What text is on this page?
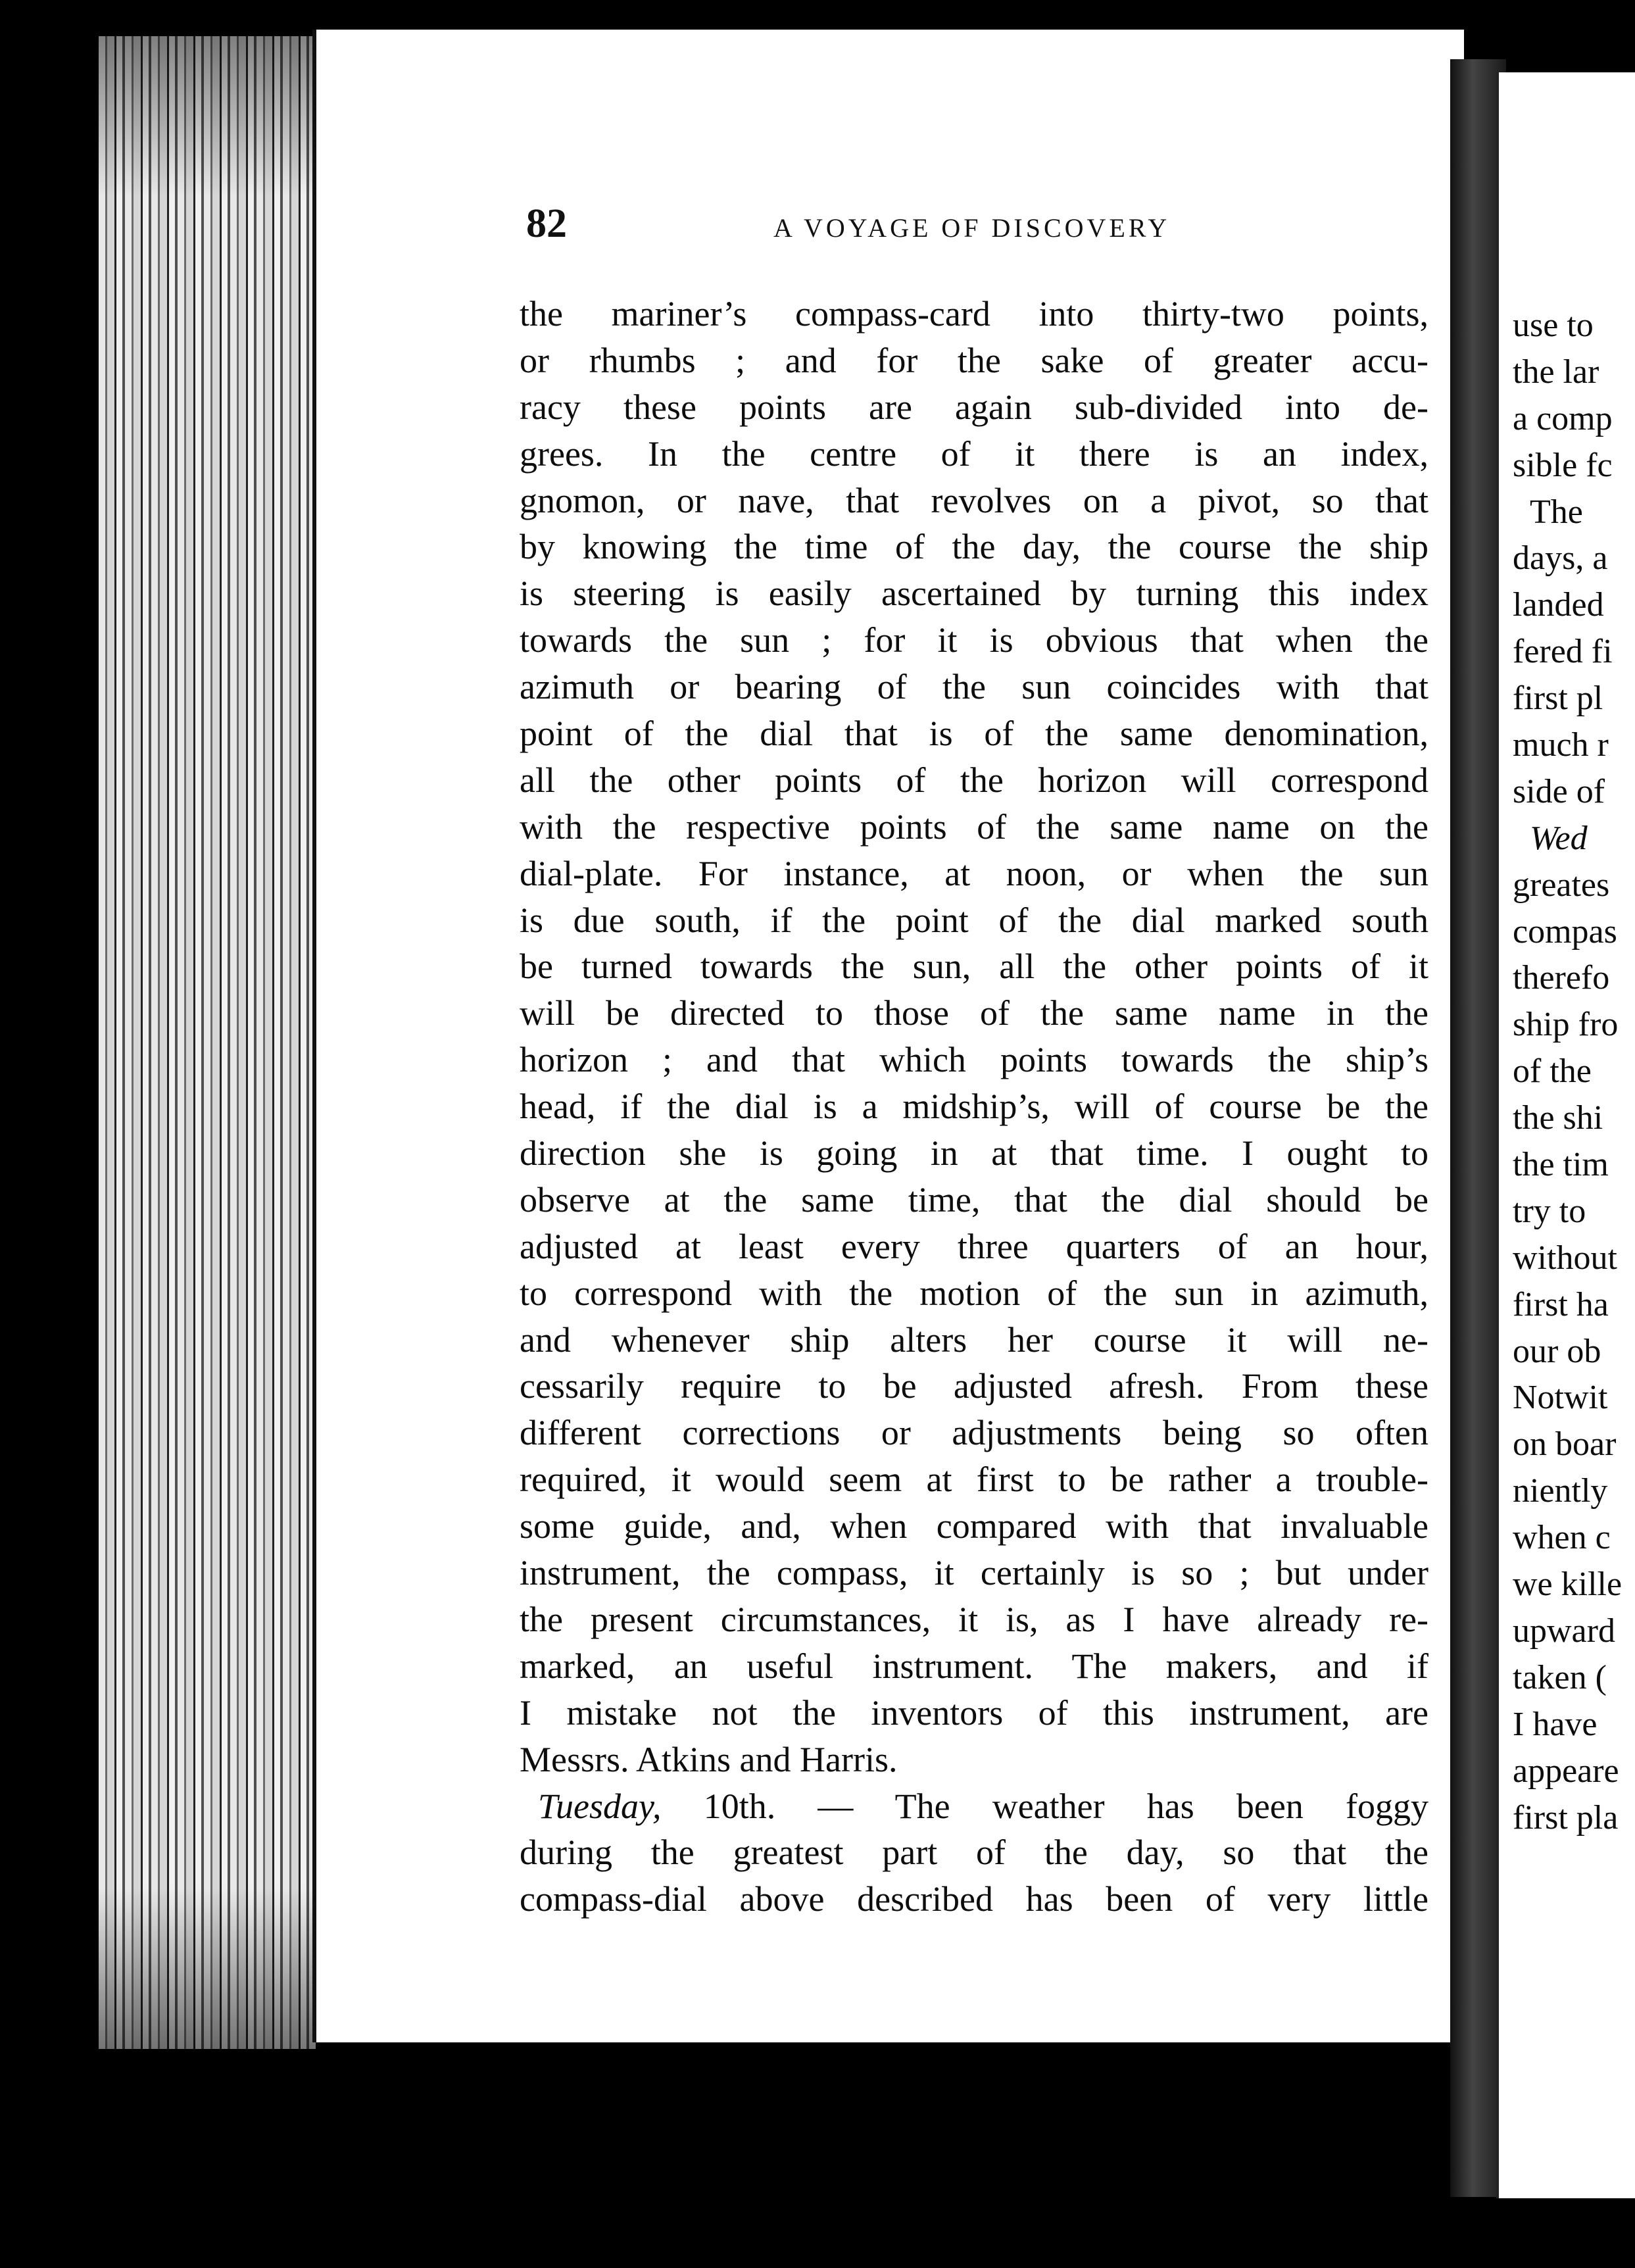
82	A VOYAGE OF DISCOVERY
the mariner’s compass-card into thirty-two points,
or rhumbs ; and for the sake of greater accu-
racy these points are again sub-divided into de-
grees. In the centre of it there is an index,
gnomon, or nave, that revolves on a pivot, so that
by knowing the time of the day, the course the ship
is steering is easily ascertained by turning this index
towards the sun ; for it is obvious that when the
azimuth or bearing of the sun coincides with that
point of the dial that is of the same denomination,
all the other points of the horizon will correspond
with the respective points of the same name on the
dial-plate. For instance, at noon, or when the sun
is due south, if the point of the dial marked south
be turned towards the sun, all the other points of it
will be directed to those of the same name in the
horizon ; and that which points towards the ship’s
head, if the dial is a midship’s, will of course be the
direction she is going in at that time. I ought to
observe at the same time, that the dial should be
adjusted at least every three quarters of an hour,
to correspond with the motion of the sun in azimuth,
and whenever ship alters her course it will ne-
cessarily require to be adjusted afresh. From these
different corrections or adjustments being so often
required, it would seem at first to be rather a trouble-
some guide, and, when compared with that invaluable
instrument, the compass, it certainly is so ; but under
the present circumstances, it is, as I have already re-
marked, an useful instrument. The makers, and if
I mistake not the inventors of this instrument, are
Messrs. Atkins and Harris.
Tuesday, 10th. — The weather has been foggy
during the greatest part of the day, so that the
compass-dial above described has been of very little
use to
the lar
a comp
sible fc
The
days, a
landed
fered fi
first pl
much r
side of
Wed
greates
compas
therefo
ship fro
of the
the shi
the tim
try to
without
first ha
our ob
Notwit
on boar
niently
when c
we kille
upward
taken (
I have
appeare
first pla
